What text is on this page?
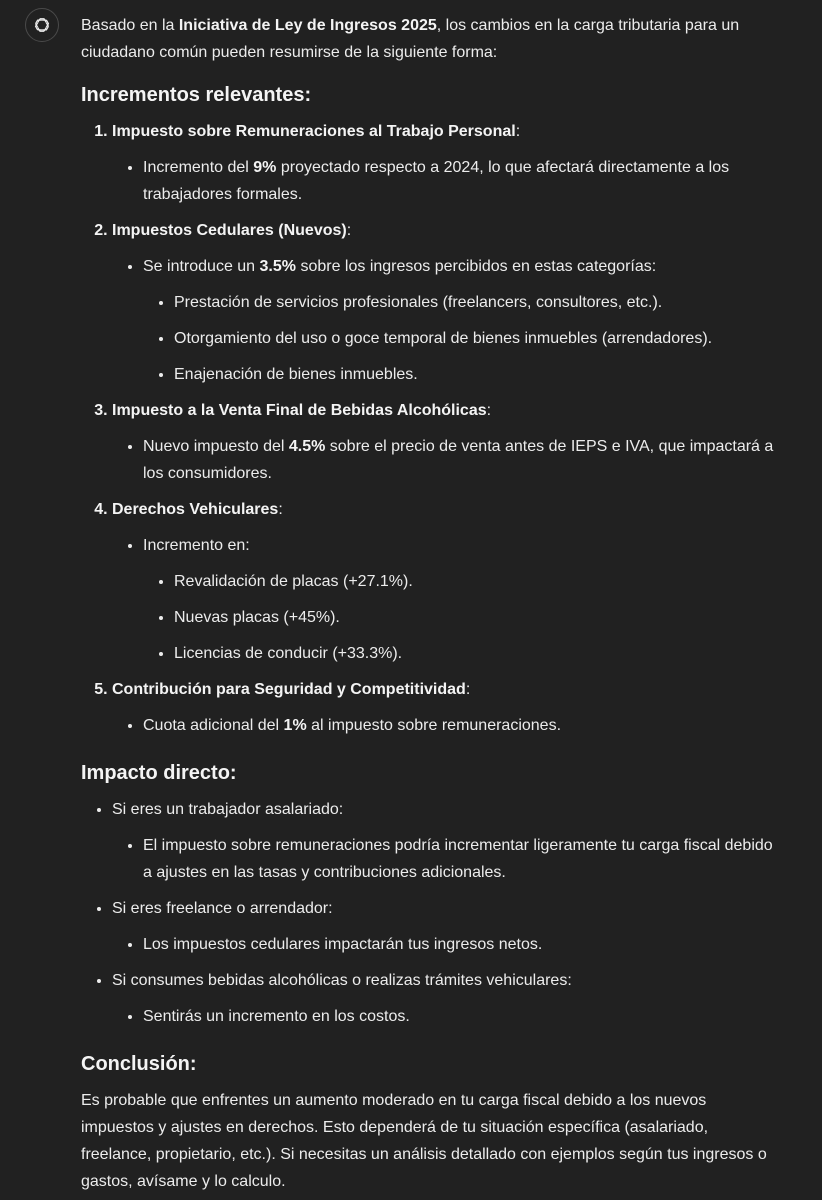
Basado en la Iniciativa de Ley de Ingresos 2025, los cambios en la carga tributaria para un ciudadano común pueden resumirse de la siguiente forma:

Incrementos relevantes:
1. Impuesto sobre Remuneraciones al Trabajo Personal:
• Incremento del 9% proyectado respecto a 2024, lo que afectará directamente a los trabajadores formales.
2. Impuestos Cedulares (Nuevos):
• Se introduce un 3.5% sobre los ingresos percibidos en estas categorías:
• Prestación de servicios profesionales (freelancers, consultores, etc.).
• Otorgamiento del uso o goce temporal de bienes inmuebles (arrendadores).
• Enajenación de bienes inmuebles.
3. Impuesto a la Venta Final de Bebidas Alcohólicas:
• Nuevo impuesto del 4.5% sobre el precio de venta antes de IEPS e IVA, que impactará a los consumidores.
4. Derechos Vehiculares:
• Incremento en:
• Revalidación de placas (+27.1%).
• Nuevas placas (+45%).
• Licencias de conducir (+33.3%).
5. Contribución para Seguridad y Competitividad:
• Cuota adicional del 1% al impuesto sobre remuneraciones.
Impacto directo:
• Si eres un trabajador asalariado:
• El impuesto sobre remuneraciones podría incrementar ligeramente tu carga fiscal debido a ajustes en las tasas y contribuciones adicionales.
• Si eres freelance o arrendador:
• Los impuestos cedulares impactarán tus ingresos netos.
• Si consumes bebidas alcohólicas o realizas trámites vehiculares:
• Sentirás un incremento en los costos.
Conclusión:

Es probable que enfrentes un aumento moderado en tu carga fiscal debido a los nuevos impuestos y ajustes en derechos. Esto dependerá de tu situación específica (asalariado, freelance, propietario, etc.). Si necesitas un análisis detallado con ejemplos según tus ingresos o gastos, avísame y lo calculo.
